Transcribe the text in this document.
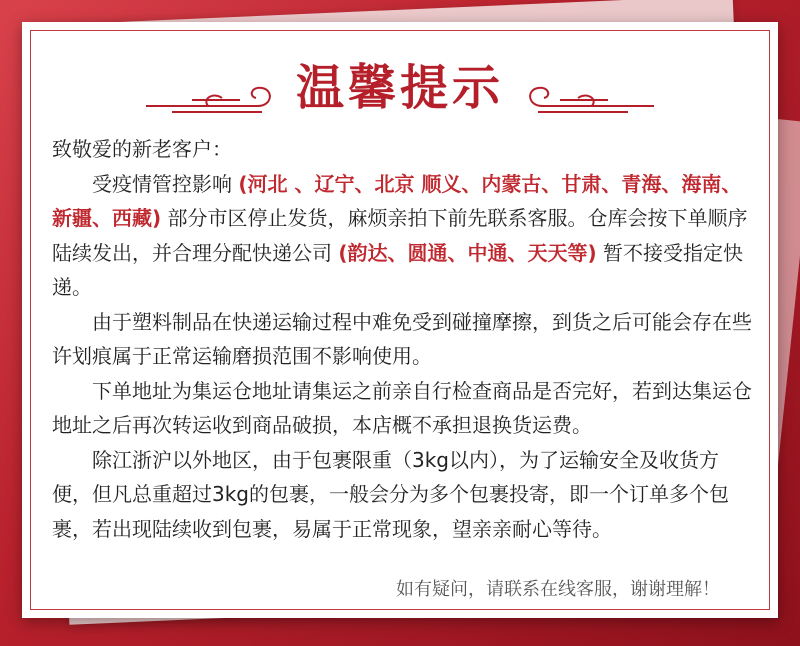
温馨提示

致敬爱的新老客户：

受疫情管控影响 (河北 、辽宁、北京 顺义、内蒙古、甘肃、青海、海南、新疆、西藏) 部分市区停止发货，麻烦亲拍下前先联系客服。仓库会按下单顺序陆续发出，并合理分配快递公司 (韵达、圆通、中通、天天等) 暂不接受指定快递。

由于塑料制品在快递运输过程中难免受到碰撞摩擦，到货之后可能会存在些许划痕属于正常运输磨损范围不影响使用。

下单地址为集运仓地址请集运之前亲自行检查商品是否完好，若到达集运仓地址之后再次转运收到商品破损，本店概不承担退换货运费。

除江浙沪以外地区，由于包裹限重（3kg以内），为了运输安全及收货方便，但凡总重超过3kg的包裹，一般会分为多个包裹投寄，即一个订单多个包裹，若出现陆续收到包裹，易属于正常现象，望亲亲耐心等待。

如有疑问，请联系在线客服，谢谢理解！
